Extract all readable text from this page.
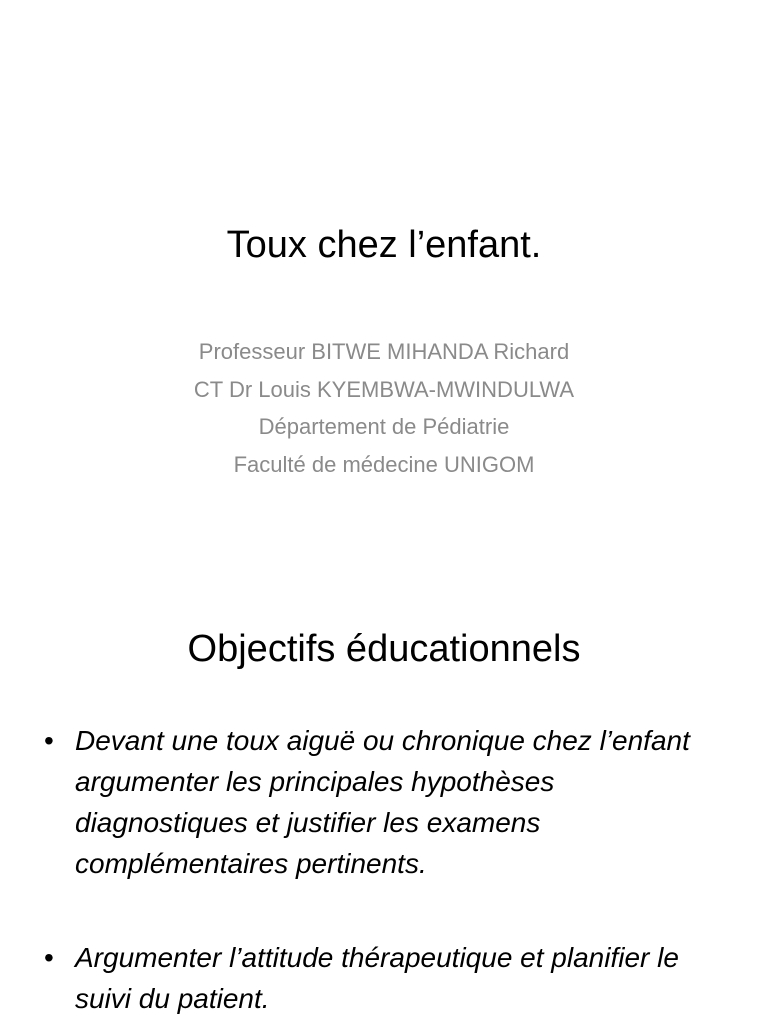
Toux chez l’enfant.
Professeur BITWE MIHANDA Richard
CT Dr Louis KYEMBWA-MWINDULWA
Département de Pédiatrie
Faculté de médecine UNIGOM
Objectifs éducationnels
• Devant une toux aiguë ou chronique chez l’enfant argumenter les principales hypothèses diagnostiques et justifier les examens complémentaires pertinents.
• Argumenter l’attitude thérapeutique et planifier le suivi du patient.
